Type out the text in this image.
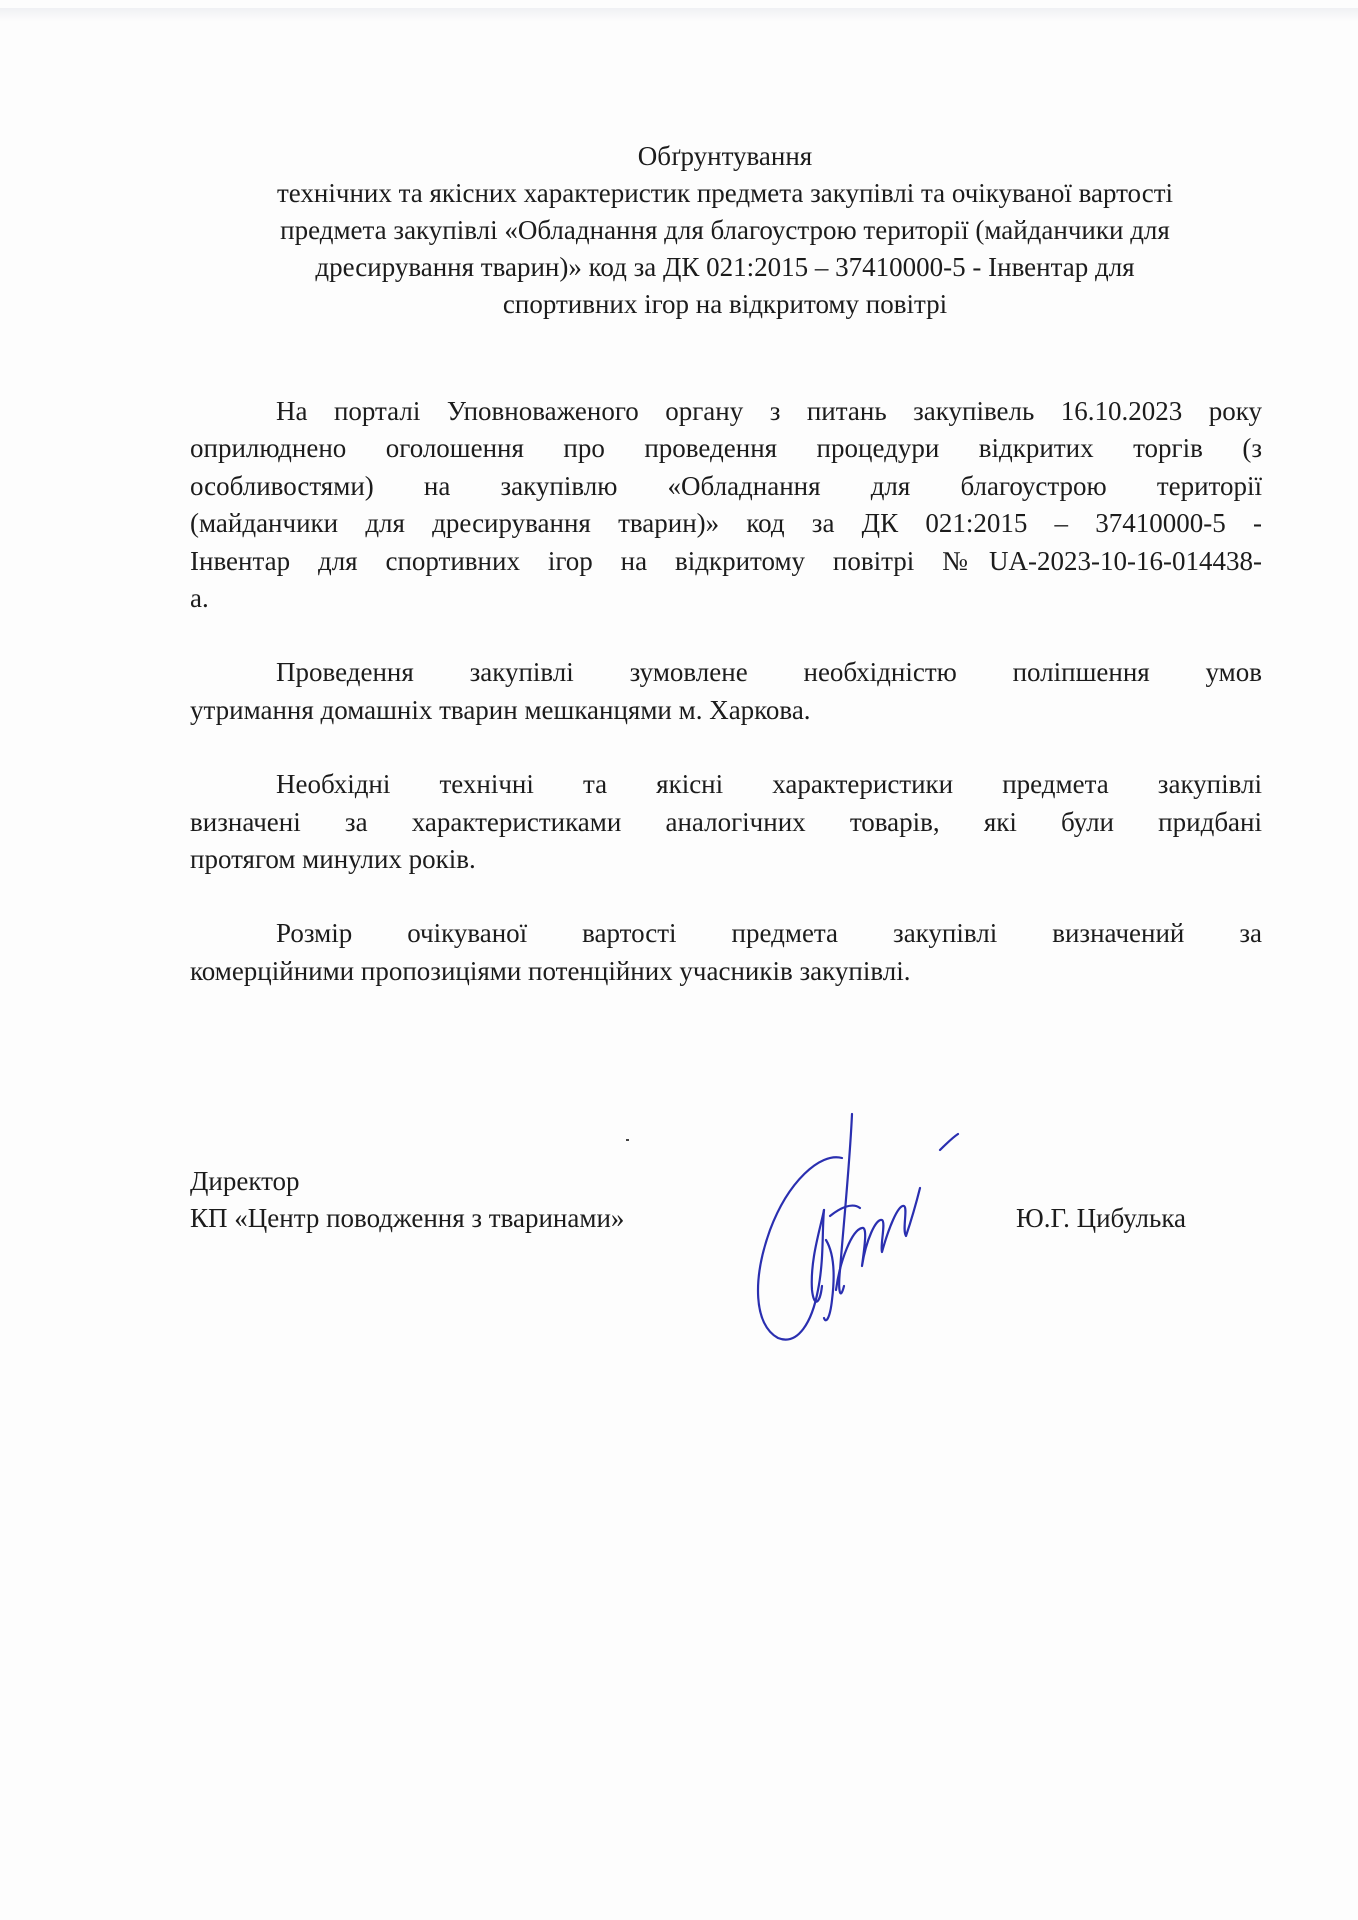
Обґрунтування
технічних та якісних характеристик предмета закупівлі та очікуваної вартості
предмета закупівлі «Обладнання для благоустрою території (майданчики для
дресирування тварин)» код за ДК 021:2015 – 37410000-5 - Інвентар для
спортивних ігор на відкритому повітрі
На порталі Уповноваженого органу з питань закупівель 16.10.2023 року
оприлюднено оголошення про проведення процедури відкритих торгів (з
особливостями) на закупівлю «Обладнання для благоустрою території
(майданчики для дресирування тварин)» код за ДК 021:2015 – 37410000-5 -
Інвентар для спортивних ігор на відкритому повітрі №UA-2023-10-16-014438-
а.
Проведення закупівлі зумовлене необхідністю поліпшення умов
утримання домашніх тварин мешканцями м. Харкова.
Необхідні технічні та якісні характеристики предмета закупівлі
визначені за характеристиками аналогічних товарів, які були придбані
протягом минулих років.
Розмір очікуваної вартості предмета закупівлі визначений за
комерційними пропозиціями потенційних учасників закупівлі.
Директор
КП «Центр поводження з тваринами»	Ю.Г. Цибулька
